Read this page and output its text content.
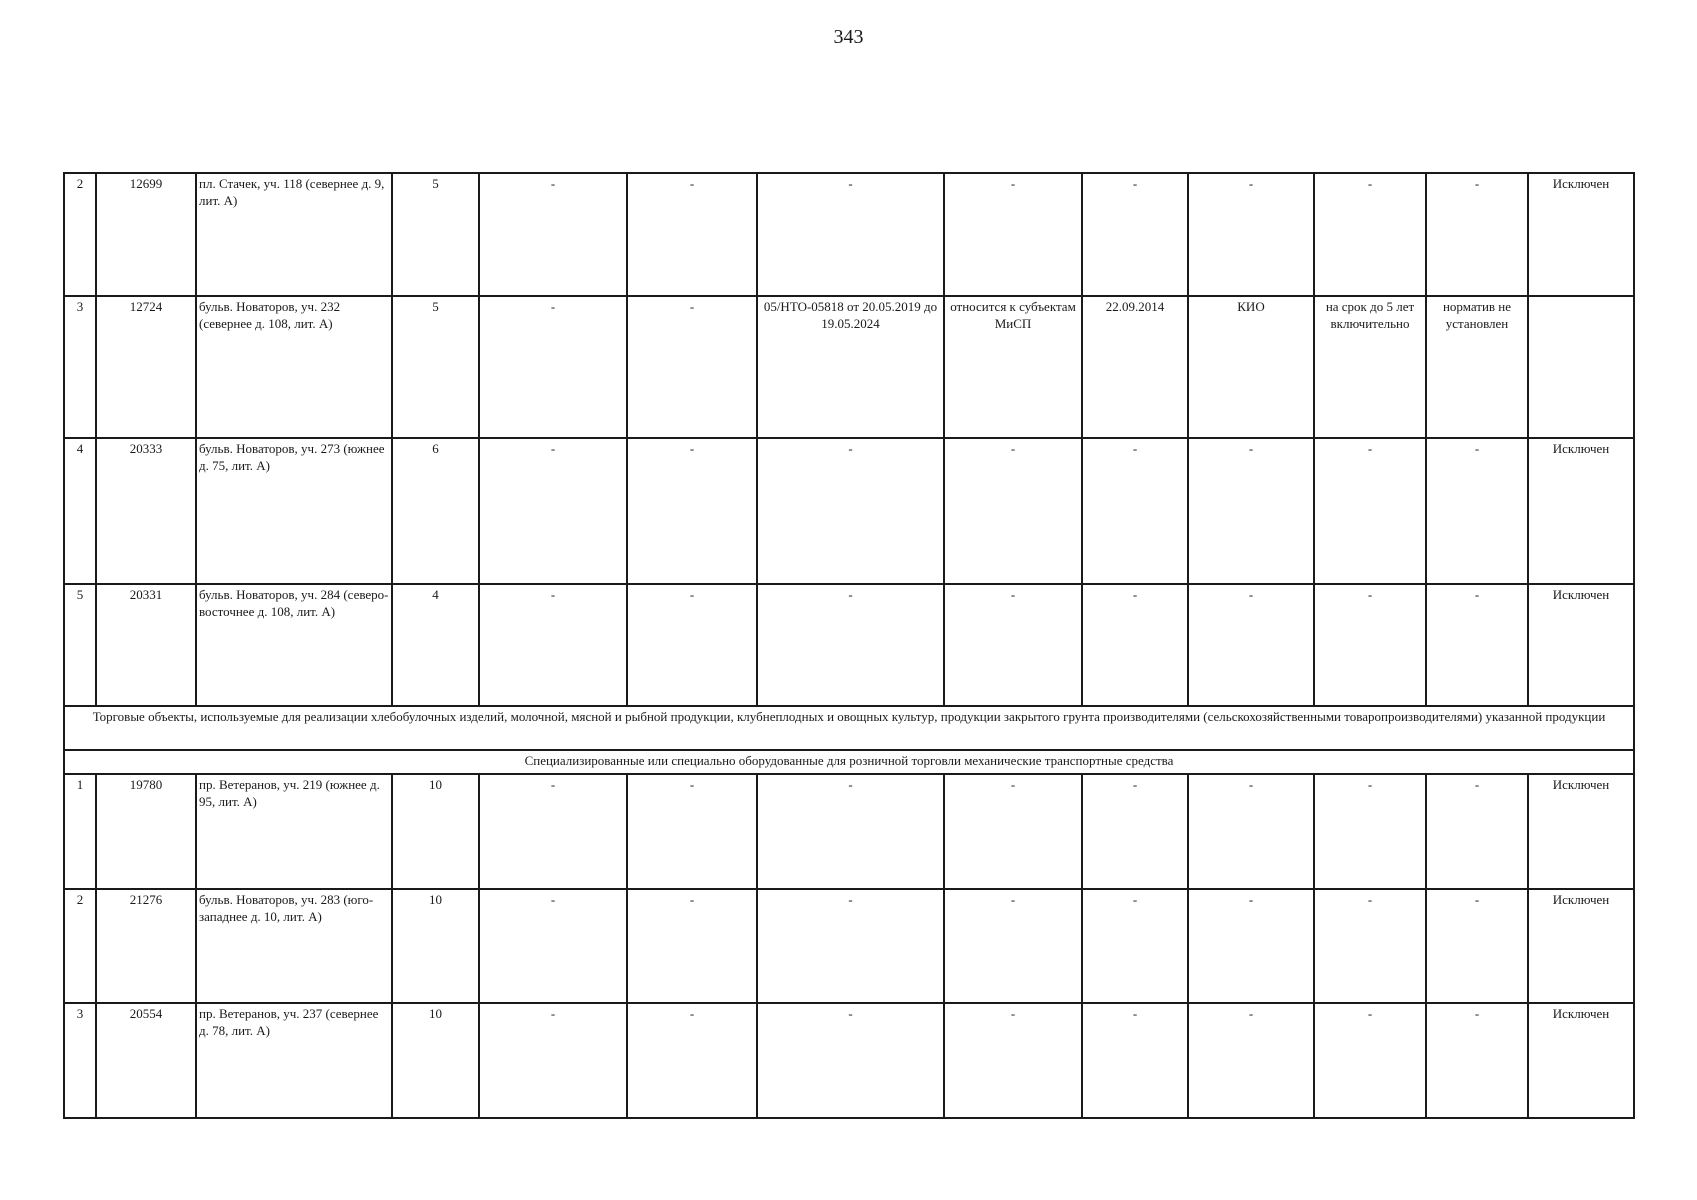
343
2	12699	пл. Стачек, уч. 118 (севернее д. 9, лит. А)	5	-	-	-	-	-	-	-	-	Исключен
3	12724	бульв. Новаторов, уч. 232 (севернее д. 108, лит. А)	5	-	-	05/НТО-05818 от 20.05.2019 до 19.05.2024	относится к субъектам МиСП	22.09.2014	КИО	на срок до 5 лет включительно	норматив не установлен	
4	20333	бульв. Новаторов, уч. 273 (южнее д. 75, лит. А)	6	-	-	-	-	-	-	-	-	Исключен
5	20331	бульв. Новаторов, уч. 284 (северо-восточнее д. 108, лит. А)	4	-	-	-	-	-	-	-	-	Исключен
Торговые объекты, используемые для реализации хлебобулочных изделий, молочной, мясной и рыбной продукции, клубнеплодных и овощных культур, продукции закрытого грунта производителями (сельскохозяйственными товаропроизводителями) указанной продукции												
Специализированные или специально оборудованные для розничной торговли механические транспортные средства												
1	19780	пр. Ветеранов, уч. 219 (южнее д. 95, лит. А)	10	-	-	-	-	-	-	-	-	Исключен
2	21276	бульв. Новаторов, уч. 283 (юго-западнее д. 10, лит. А)	10	-	-	-	-	-	-	-	-	Исключен
3	20554	пр. Ветеранов, уч. 237 (севернее д. 78, лит. А)	10	-	-	-	-	-	-	-	-	Исключен
